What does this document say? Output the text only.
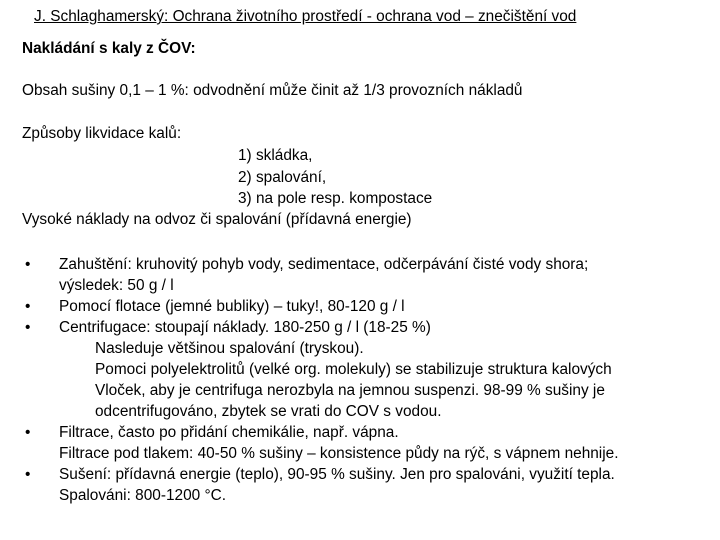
J. Schlaghamerský: Ochrana životního prostředí - ochrana vod – znečištění vod
Nakládání s kaly z ČOV:
Obsah sušiny 0,1 – 1 %: odvodnění může činit až 1/3 provozních nákladů
Způsoby likvidace kalů:
1) skládka,
2) spalování,
3) na pole resp. kompostace
Vysoké náklady na odvoz či spalování (přídavná energie)
• Zahuštění: kruhovitý pohyb vody, sedimentace, odčerpávání čisté vody shora;
výsledek: 50 g / l
• Pomocí flotace (jemné bubliky) – tuky!, 80-120 g / l
• Centrifugace: stoupají náklady. 180-250 g / l (18-25 %)
Nasleduje většinou spalování (tryskou).
Pomoci polyelektrolitů (velké org. molekuly) se stabilizuje struktura kalových
Vloček, aby je centrifuga nerozbyla na jemnou suspenzi. 98-99 % sušiny je
odcentrifugováno, zbytek se vrati do COV s vodou.
• Filtrace, často po přidání chemikálie, např. vápna.
Filtrace pod tlakem: 40-50 % sušiny – konsistence půdy na rýč, s vápnem nehnije.
• Sušení: přídavná energie (teplo), 90-95 % sušiny. Jen pro spalováni, využití tepla.
Spalováni: 800-1200 °C.
